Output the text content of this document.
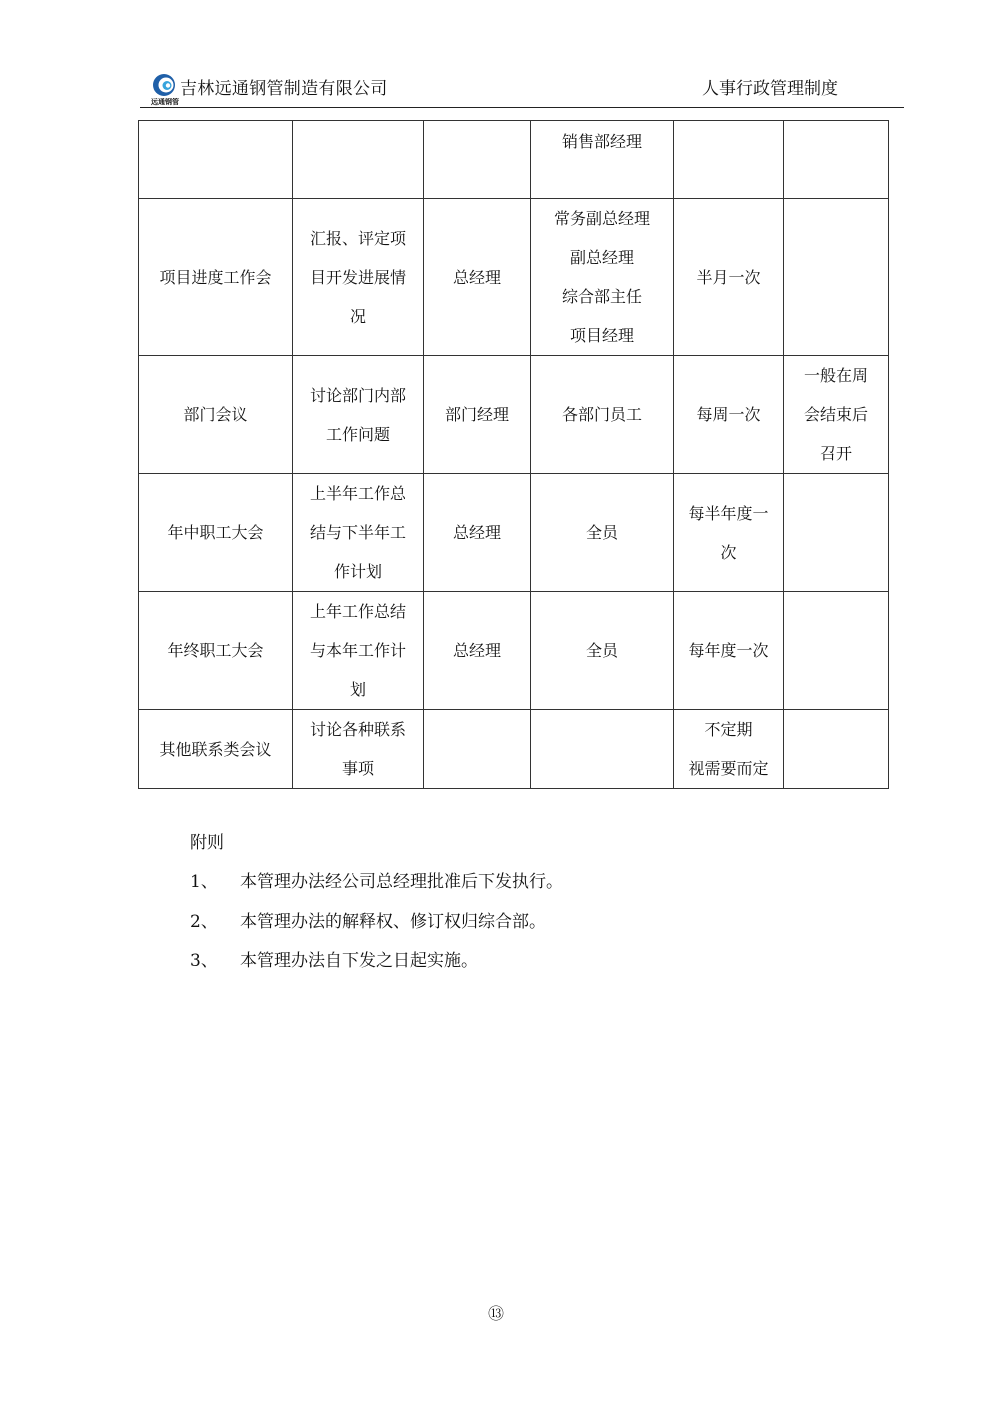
远通钢管
吉林远通钢管制造有限公司	人事行政管理制度

			销售部经理		

项目进度工作会	汇报、评定项
目开发进展情
况	总经理	常务副总经理
副总经理
综合部主任
项目经理	半月一次	

部门会议	讨论部门内部
工作问题	部门经理	各部门员工	每周一次	一般在周
会结束后
召开

年中职工大会	上半年工作总
结与下半年工
作计划	总经理	全员	每半年度一
次	

年终职工大会	上年工作总结
与本年工作计
划	总经理	全员	每年度一次	

其他联系类会议	讨论各种联系
事项			不定期
视需要而定	

附则
1、 本管理办法经公司总经理批准后下发执行。
2、 本管理办法的解释权、修订权归综合部。
3、 本管理办法自下发之日起实施。
⑬
